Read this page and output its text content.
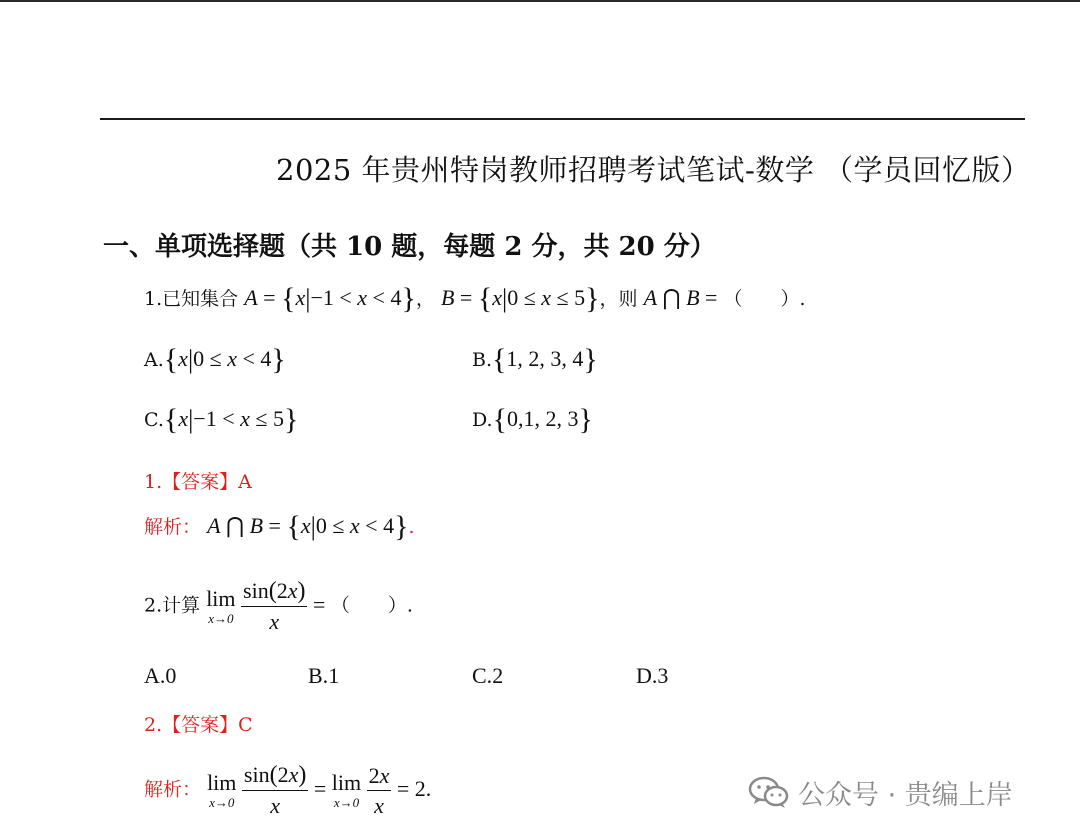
2025 年贵州特岗教师招聘考试笔试-数学 （学员回忆版）
一、单项选择题（共 10 题，每题 2 分，共 20 分）
1.已知集合 A = {x|−1 < x < 4}， B = {x|0 ≤ x ≤ 5}，则 A ⋂ B = （　　）.
A.{x|0 ≤ x < 4}	B.{1, 2, 3, 4}
C.{x|−1 < x ≤ 5}	D.{0,1, 2, 3}
1.【答案】A
解析： A ⋂ B = {x|0 ≤ x < 4}.
2.计算 lim
x→0
$\frac{\sin(2x)}{x}$ = （　　）.
A.0	B.1	C.2	D.3
2.【答案】C
解析： lim
x→0
$\frac{\sin(2x)}{x} = \lim$
x→0
$\frac{2x}{x} = 2$.	公众号 · 贵编上岸
